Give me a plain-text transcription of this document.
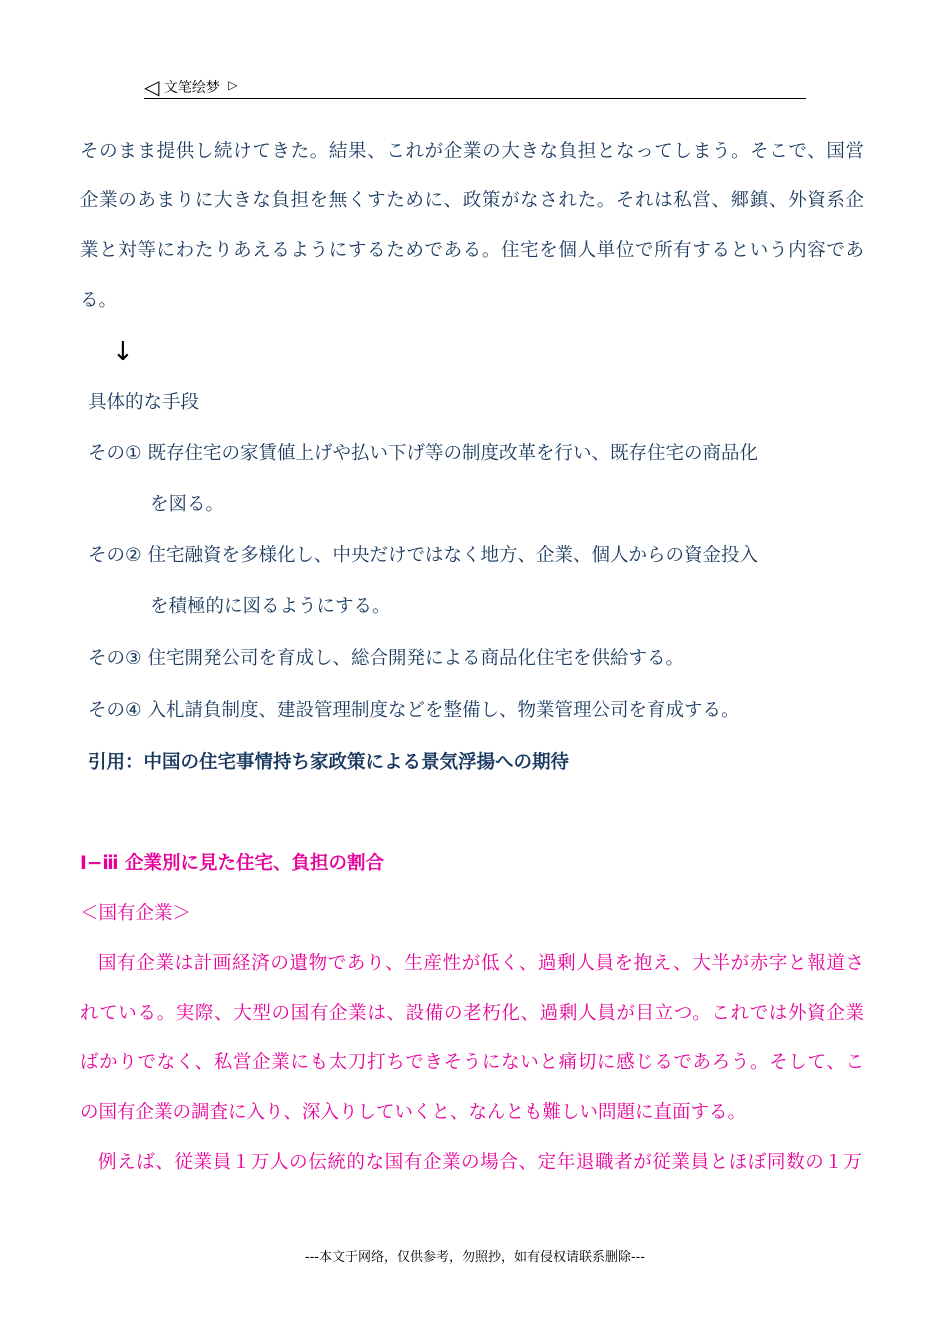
◁ 文笔绘梦 ▷
そのまま提供し続けてきた。結果、これが企業の大きな負担となってしまう。そこで、国営
企業のあまりに大きな負担を無くすために、政策がなされた。それは私営、郷鎮、外資系企
業と対等にわたりあえるようにするためである。住宅を個人単位で所有するという内容であ
る。
↓
具体的な手段
その① 既存住宅の家賃値上げや払い下げ等の制度改革を行い、既存住宅の商品化
を図る。
その② 住宅融資を多様化し、中央だけではなく地方、企業、個人からの資金投入
を積極的に図るようにする。
その③ 住宅開発公司を育成し、総合開発による商品化住宅を供給する。
その④ 入札請負制度、建設管理制度などを整備し、物業管理公司を育成する。
引用：中国の住宅事情持ち家政策による景気浮揚への期待
Ⅰ−ⅲ 企業別に見た住宅、負担の割合
＜国有企業＞
国有企業は計画経済の遺物であり、生産性が低く、過剰人員を抱え、大半が赤字と報道さ
れている。実際、大型の国有企業は、設備の老朽化、過剰人員が目立つ。これでは外資企業
ばかりでなく、私営企業にも太刀打ちできそうにないと痛切に感じるであろう。そして、こ
の国有企業の調査に入り、深入りしていくと、なんとも難しい問題に直面する。
例えば、従業員１万人の伝統的な国有企業の場合、定年退職者が従業員とほぼ同数の１万
---本文于网络，仅供参考，勿照抄，如有侵权请联系删除---
